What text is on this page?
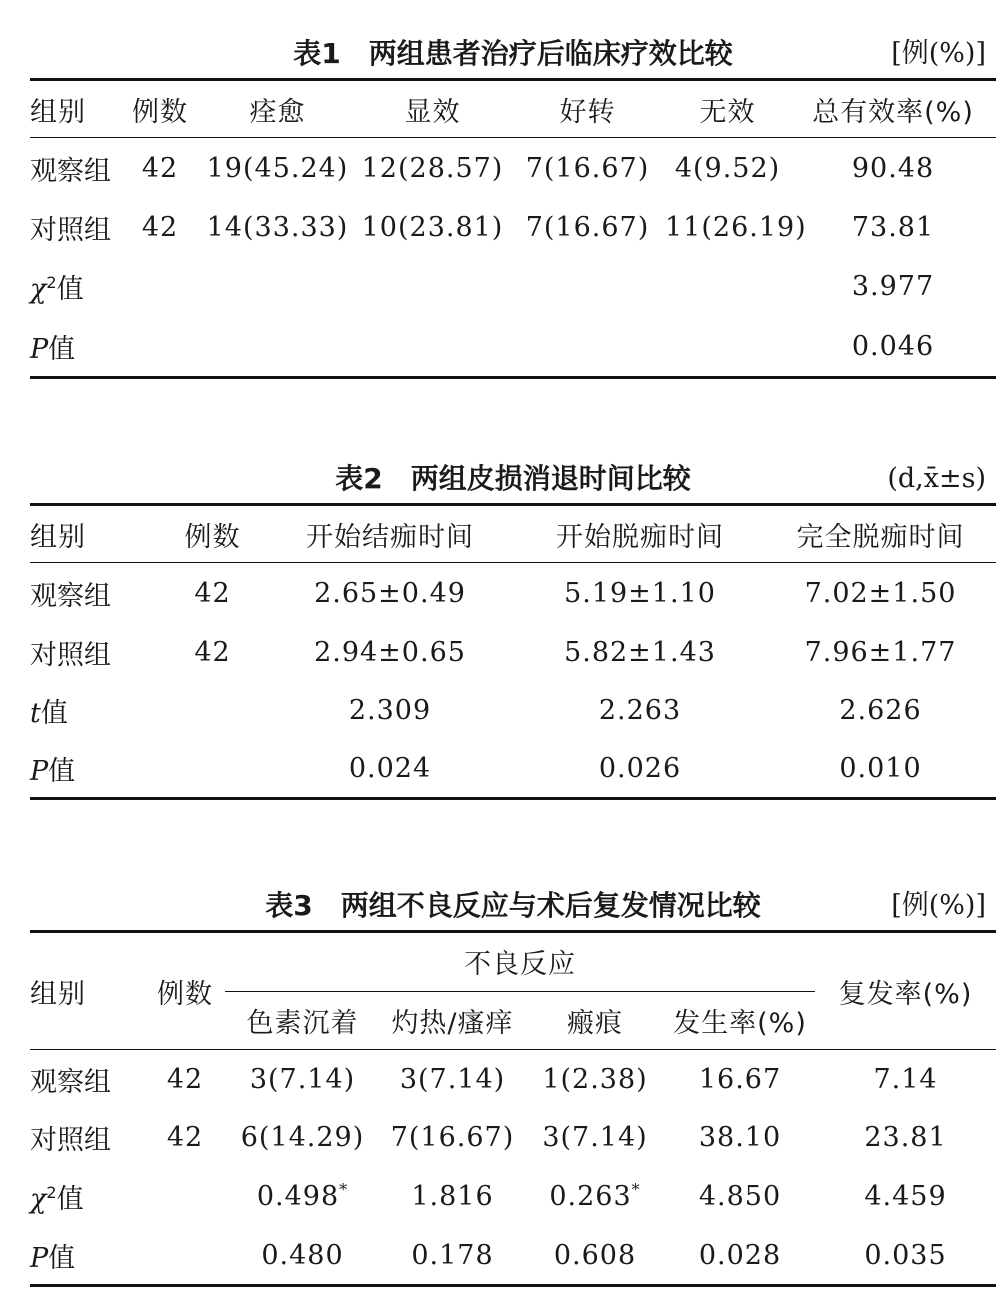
表1　两组患者治疗后临床疗效比较	[例(%)]
组别	例数	痊愈	显效	好转	无效	总有效率(%)
观察组	42	19(45.24)	12(28.57)	7(16.67)	4(9.52)	90.48
对照组	42	14(33.33)	10(23.81)	7(16.67)	11(26.19)	73.81
$\chi^2$值						3.977
P值						0.046
表2　两组皮损消退时间比较	(d,x̄±s)
组别	例数	开始结痂时间	开始脱痂时间	完全脱痂时间
观察组	42	2.65±0.49	5.19±1.10	7.02±1.50
对照组	42	2.94±0.65	5.82±1.43	7.96±1.77
t值		2.309	2.263	2.626
P值		0.024	0.026	0.010
表3　两组不良反应与术后复发情况比较	[例(%)]
组别	例数	不良反应				复发率(%)
		色素沉着	灼热/瘙痒	瘢痕	发生率(%)	
观察组	42	3(7.14)	3(7.14)	1(2.38)	16.67	7.14
对照组	42	6(14.29)	7(16.67)	3(7.14)	38.10	23.81
$\chi^2$值		0.498*	1.816	0.263*	4.850	4.459
P值		0.480	0.178	0.608	0.028	0.035
